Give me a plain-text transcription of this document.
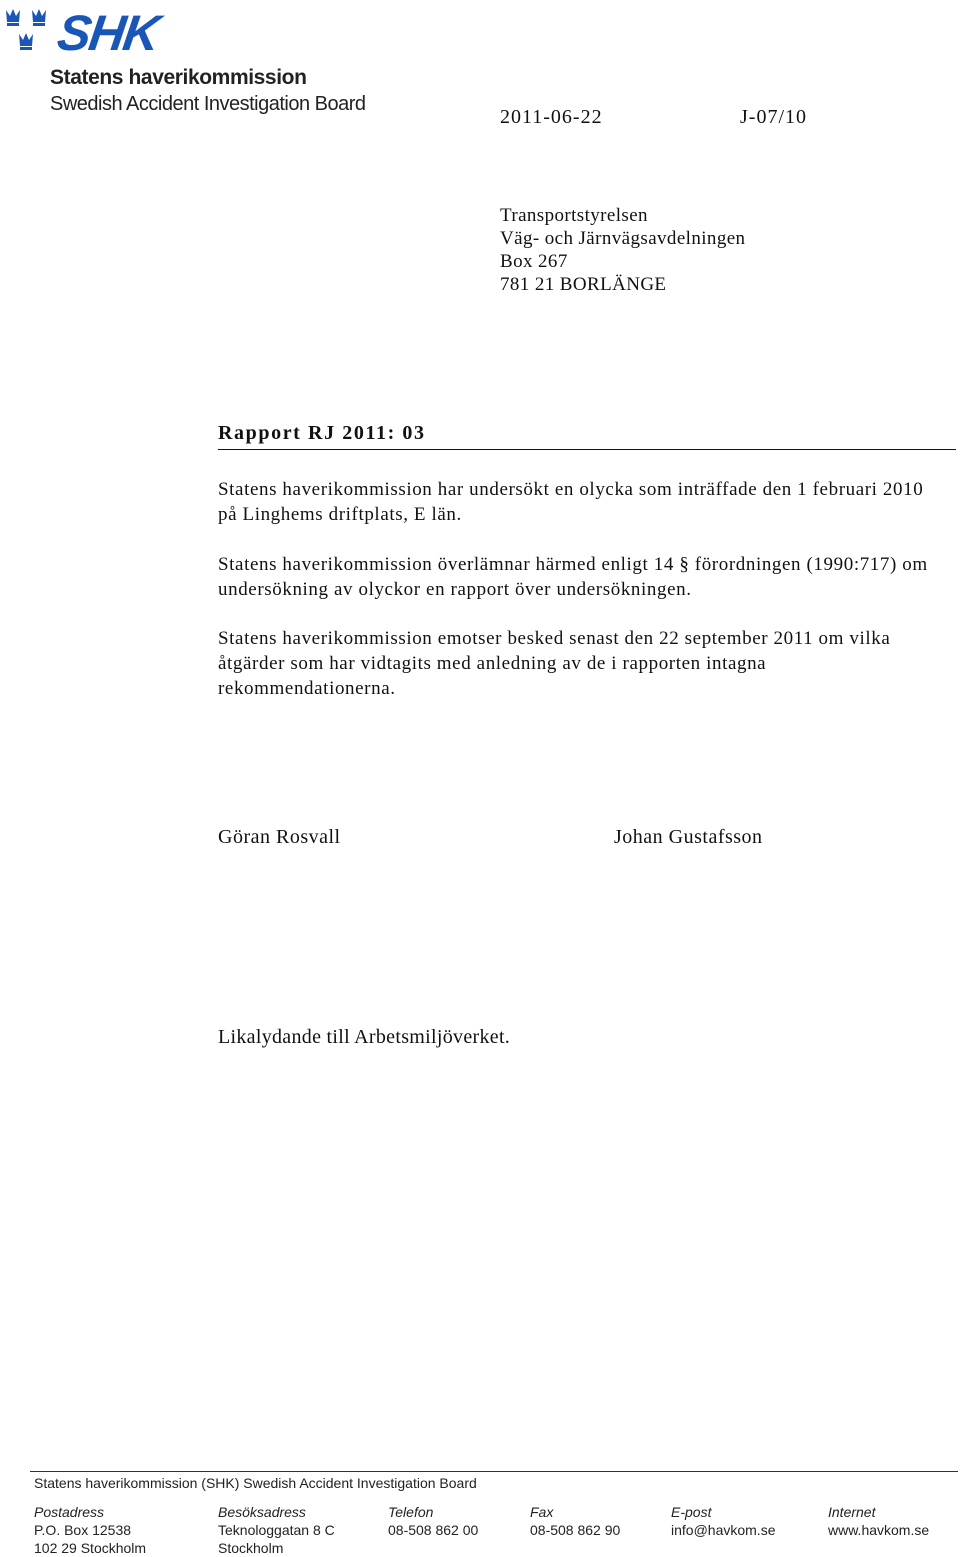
SHK
Statens haverikommission
Swedish Accident Investigation Board
2011-06-22	J-07/10
Transportstyrelsen
Väg- och Järnvägsavdelningen
Box 267
781 21 BORLÄNGE
Rapport RJ 2011: 03
Statens haverikommission har undersökt en olycka som inträffade den 1 februari 2010 på Linghems driftplats, E län.
Statens haverikommission överlämnar härmed enligt 14 § förordningen (1990:717) om undersökning av olyckor en rapport över undersökningen.
Statens haverikommission emotser besked senast den 22 september 2011 om vilka åtgärder som har vidtagits med anledning av de i rapporten intagna rekommendationerna.
Göran Rosvall	Johan Gustafsson
Likalydande till Arbetsmiljöverket.
Statens haverikommission (SHK) Swedish Accident Investigation Board
Postadress
P.O. Box 12538
102 29 Stockholm
Besöksadress
Teknologgatan 8 C
Stockholm
Telefon
08-508 862 00
Fax
08-508 862 90
E-post
info@havkom.se
Internet
www.havkom.se
